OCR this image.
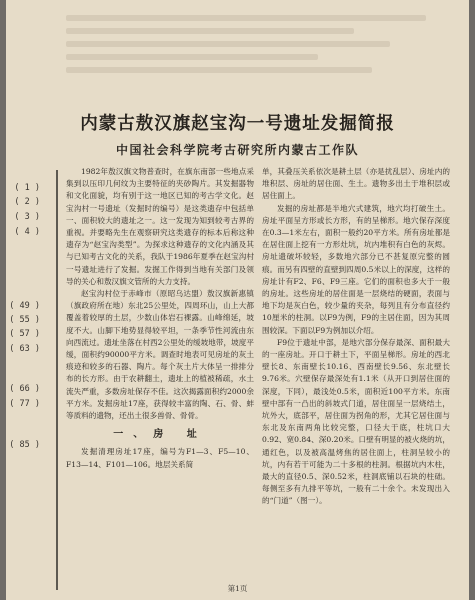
内蒙古敖汉旗赵宝沟一号遗址发掘简报
中国社会科学院考古研究所内蒙古工作队
( 1 )
( 2 )
( 3 )
( 4 )
( 49 )
( 55 )
( 57 )
( 63 )
( 66 )
( 77 )
( 85 )

1982年敖汉旗文物普查时，在旗东南部一些地点采集到以压印几何纹为主要特征的夹砂陶片。其发掘器物和文化面貌，均有别于这一地区已知的考古学文化。赵宝沟村一号遗址（发掘时的编号）是这类遗存中包括单一、面积较大的遗址之一。这一发现为知到较考古界的重视。并要略先生在观察研究这类遗存的标本后称这种遗存为“赵宝沟类型”。为探求这种遗存的文化内涵及其与已知考古文化的关系，我队于1986年夏季在赵宝沟村一号遗址进行了发掘。发掘工作得到当地有关部门及领导的关心和敖汉旗文管所的大力支持。

赵宝沟村位于赤峰市（原昭乌达盟）敖汉旗新惠镇（旗政府所在地）东北25公里处，四周环山，山上大都覆盖着较厚的土层，少数山体岩石裸露。山峰绵延，坡度不大。山脚下地势显得较平坦，一条季节性河流由东向西流过。遗址坐落在村西2公里处的缓坡地带，坡度平缓，面积约90000平方米。调查时地表可见房址的灰土痕迹和较多的石器、陶片。每个灰土片大体呈一排排分布的长方形。由于农耕翻土，遗址上的植被稀疏，水土流失严重，多数房址保存不佳。这次揭露面积约2000余平方米。发掘房址17座，获得较丰富的陶、石、骨、蚌等质料的遗物，还出土很多兽骨、骨骨。

一、房 址

发掘清理房址17座，编号为F1—3、F5—10、F13—14、F101—106。地层关系简

单，其叠压关系依次是耕土层（亦是扰乱层）、房址内的堆积层、房址的居住面、生土。遗物多出土于堆积层或居住面上。

发掘的房址都是半地穴式建筑，地穴均打破生土。房址平面呈方形或长方形，有的呈梯形。地穴保存深度在0.3—1米左右，面积一般约20平方米。所有房址都是在居住面上挖有一方形灶坑，坑内堆积有白色的灰烬。房址遗破坏较轻，多数地穴部分已不甚复原完整的圆痕。而另有四壁的直壁到四周0.5米以上的深度，这样的房址计有F2、F6、F9三座。它们的面积也多大于一般的房址。这些房址的居住面是一层烧结的硬面，表面与地下均是灰白色，较少量的夹杂，每列且有分布直径约10厘米的柱洞。以F9为例，F9的主居住面，因为其周围较深。下面以F9为例加以介绍。

F9位于遗址中部，是地穴部分保存最深、面积最大的一座房址。开口于耕土下，平面呈梯形。房址的西北壁长8、东南壁长10.16、西南壁长9.56、东北壁长9.76米。穴壁保存最深处有1.1米（从开口到居住面的深度，下同），最浅处0.5米，面积近100平方米。东南壁中部有一凸出的斜坡式门道，居住面呈一层烧结土，坑外大，底部平，居住面为拐角的形，尤其它居住面与东北及东南两角比较完整，口径大于底，柱坑口大0.92、宽0.84、深0.20米。口壁有明显的被火烧的坑，通红色，以及被高温烤焦的居住面上，柱洞呈较小的坑，内有若干可能为二十多根的柱洞。根据坑内木柱，最大的直径0.5、深0.52米，柱洞底铺以石块的柱础。每侧至多有九排平等坑，一般有二十余个。未发现出入的“门道”（图一）。

第1页
